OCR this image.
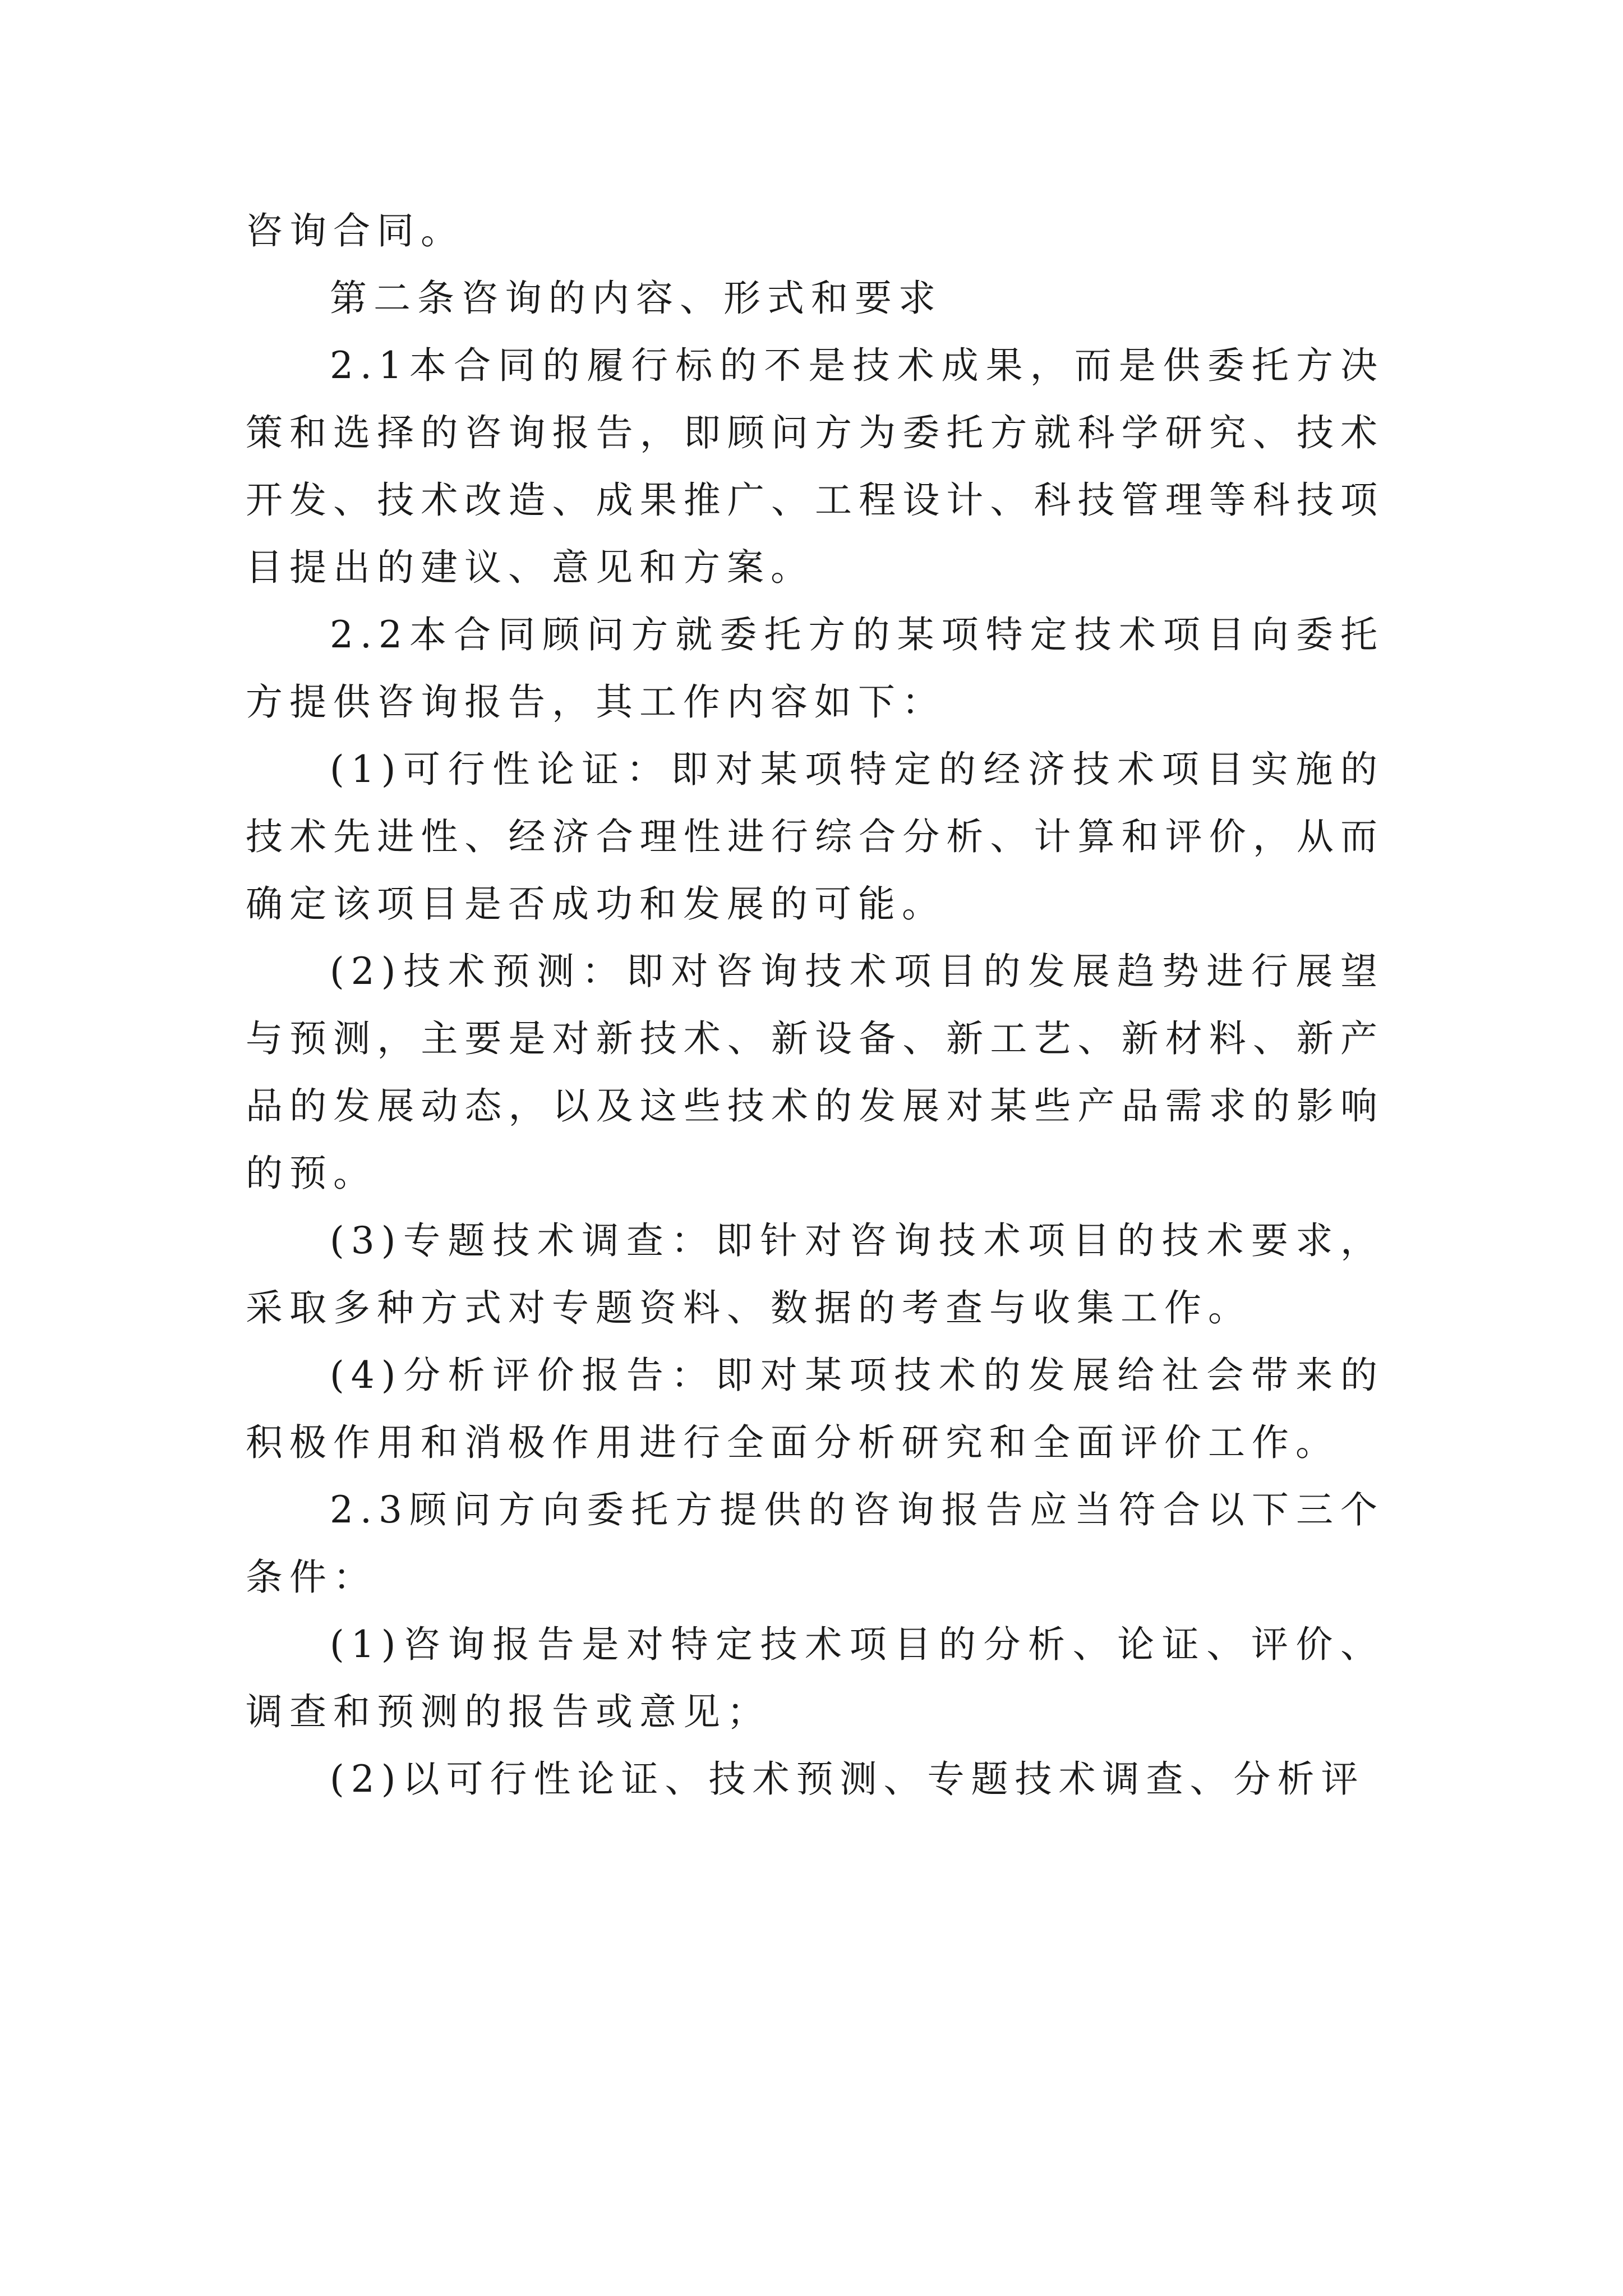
咨询合同。

第二条咨询的内容、形式和要求

2.1本合同的履行标的不是技术成果，而是供委托方决策和选择的咨询报告，即顾问方为委托方就科学研究、技术开发、技术改造、成果推广、工程设计、科技管理等科技项目提出的建议、意见和方案。

2.2本合同顾问方就委托方的某项特定技术项目向委托方提供咨询报告，其工作内容如下：

(1)可行性论证：即对某项特定的经济技术项目实施的技术先进性、经济合理性进行综合分析、计算和评价，从而确定该项目是否成功和发展的可能。

(2)技术预测：即对咨询技术项目的发展趋势进行展望与预测，主要是对新技术、新设备、新工艺、新材料、新产品的发展动态，以及这些技术的发展对某些产品需求的影响的预。

(3)专题技术调查：即针对咨询技术项目的技术要求，采取多种方式对专题资料、数据的考查与收集工作。

(4)分析评价报告：即对某项技术的发展给社会带来的积极作用和消极作用进行全面分析研究和全面评价工作。

2.3顾问方向委托方提供的咨询报告应当符合以下三个条件：

(1)咨询报告是对特定技术项目的分析、论证、评价、调查和预测的报告或意见；

(2)以可行性论证、技术预测、专题技术调查、分析评
